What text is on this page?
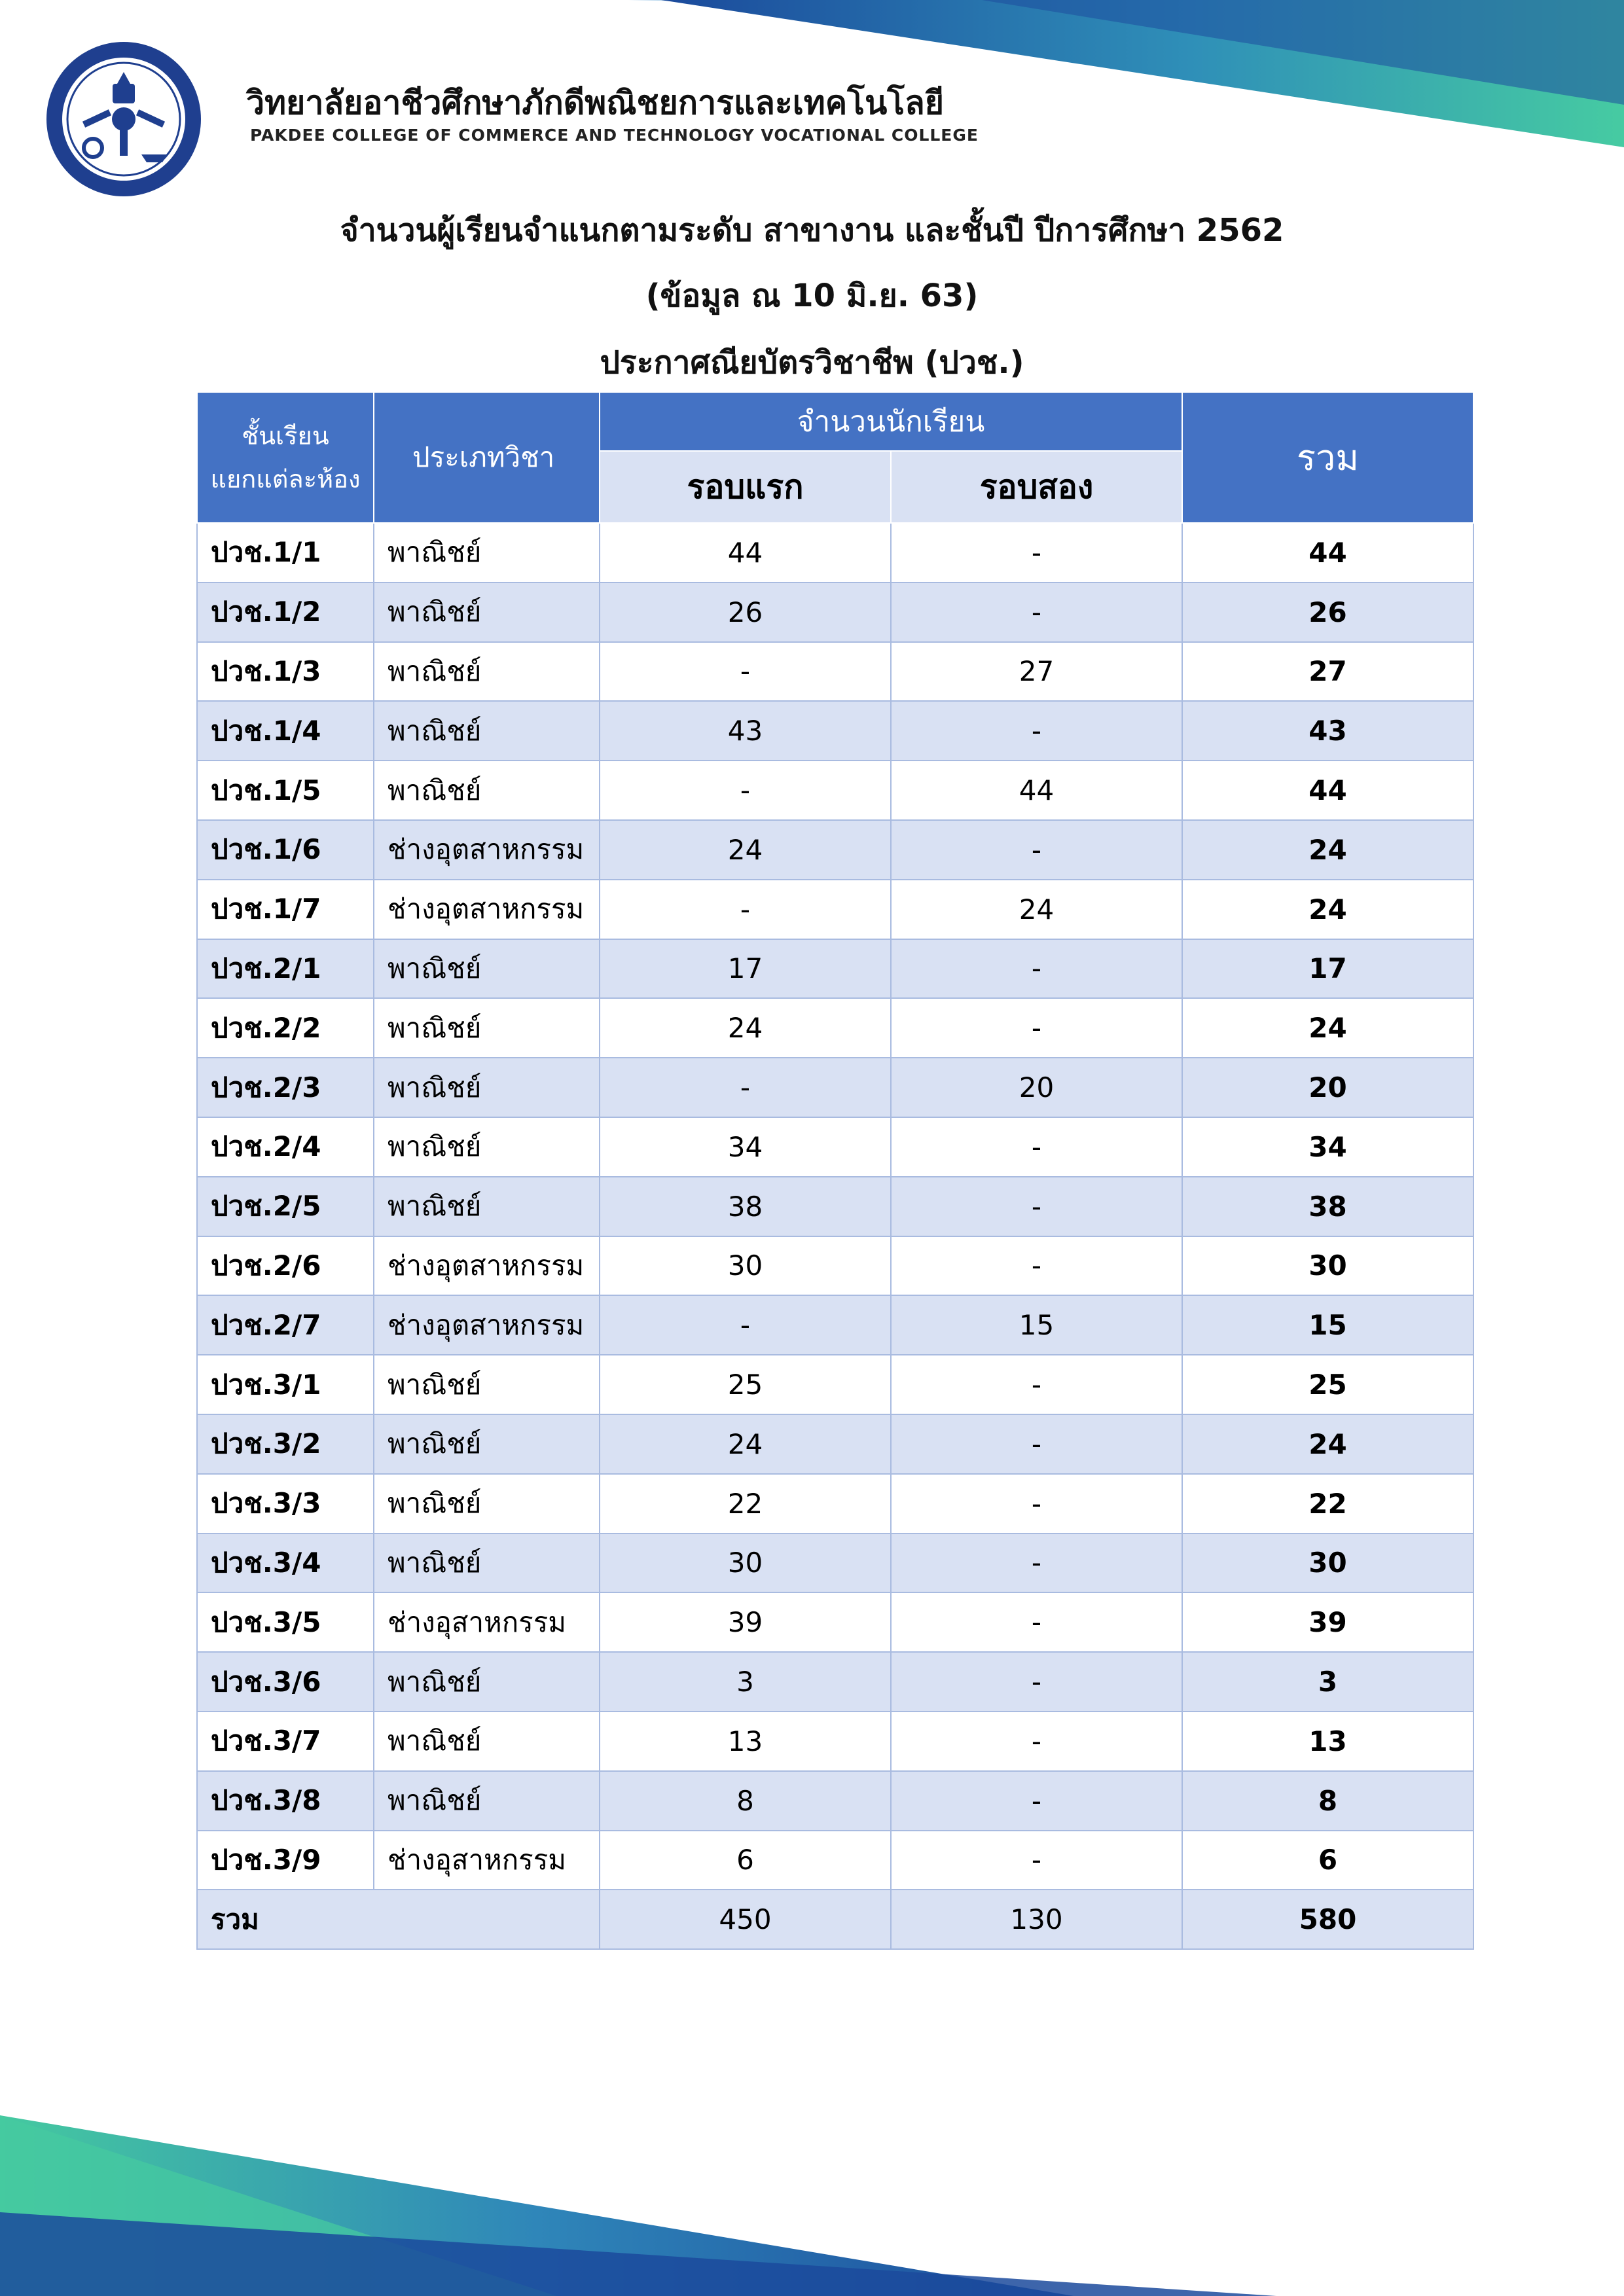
วิทยาลัยอาชีวศึกษาภักดีพณิชยการและเทคโนโลยี
PAKDEE COLLEGE OF COMMERCE AND TECHNOLOGY VOCATIONAL COLLEGE
จำนวนผู้เรียนจำแนกตามระดับ สาขางาน และชั้นปี ปีการศึกษา 2562
(ข้อมูล ณ 10 มิ.ย. 63)
ประกาศณียบัตรวิชาชีพ (ปวช.)
ชั้นเรียน
แยกแต่ละห้อง	ประเภทวิชา	จำนวนนักเรียน		รวม
		รอบแรก	รอบสอง	
ปวช.1/1	พาณิชย์	44	-	44
ปวช.1/2	พาณิชย์	26	-	26
ปวช.1/3	พาณิชย์	-	27	27
ปวช.1/4	พาณิชย์	43	-	43
ปวช.1/5	พาณิชย์	-	44	44
ปวช.1/6	ช่างอุตสาหกรรม	24	-	24
ปวช.1/7	ช่างอุตสาหกรรม	-	24	24
ปวช.2/1	พาณิชย์	17	-	17
ปวช.2/2	พาณิชย์	24	-	24
ปวช.2/3	พาณิชย์	-	20	20
ปวช.2/4	พาณิชย์	34	-	34
ปวช.2/5	พาณิชย์	38	-	38
ปวช.2/6	ช่างอุตสาหกรรม	30	-	30
ปวช.2/7	ช่างอุตสาหกรรม	-	15	15
ปวช.3/1	พาณิชย์	25	-	25
ปวช.3/2	พาณิชย์	24	-	24
ปวช.3/3	พาณิชย์	22	-	22
ปวช.3/4	พาณิชย์	30	-	30
ปวช.3/5	ช่างอุสาหกรรม	39	-	39
ปวช.3/6	พาณิชย์	3	-	3
ปวช.3/7	พาณิชย์	13	-	13
ปวช.3/8	พาณิชย์	8	-	8
ปวช.3/9	ช่างอุสาหกรรม	6	-	6
รวม		450	130	580
